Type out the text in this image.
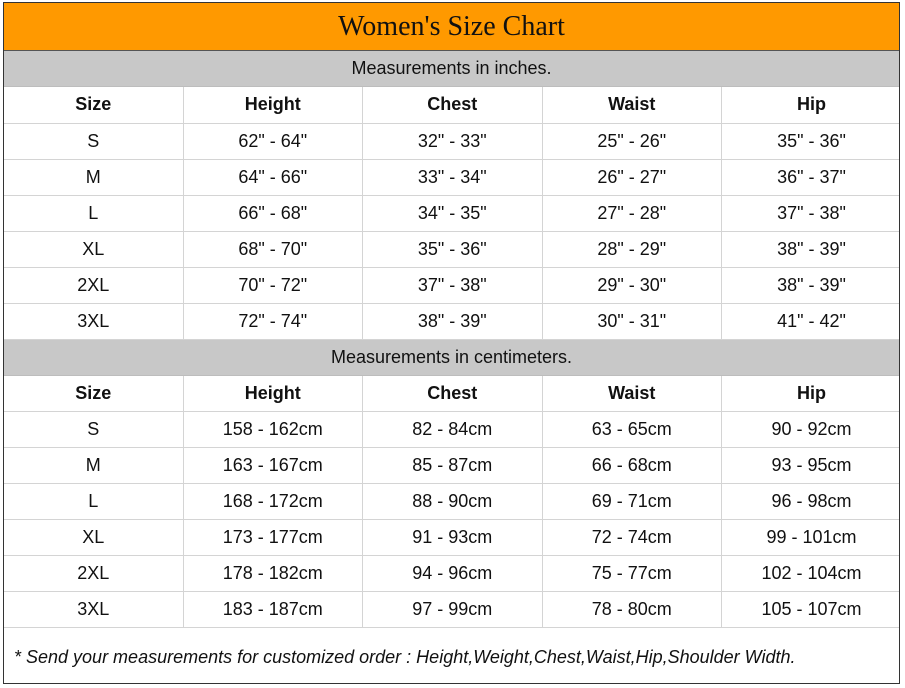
Women's Size Chart
Measurements in inches.
Size	Height	Chest	Waist	Hip
S	62" - 64"	32" - 33"	25" - 26"	35" - 36"
M	64" - 66"	33" - 34"	26" - 27"	36" - 37"
L	66" - 68"	34" - 35"	27" - 28"	37" - 38"
XL	68" - 70"	35" - 36"	28" - 29"	38" - 39"
2XL	70" - 72"	37" - 38"	29" - 30"	38" - 39"
3XL	72" - 74"	38" - 39"	30" - 31"	41" - 42"
Measurements in centimeters.
Size	Height	Chest	Waist	Hip
S	158 - 162cm	82 - 84cm	63 - 65cm	90 - 92cm
M	163 - 167cm	85 - 87cm	66 - 68cm	93 - 95cm
L	168 - 172cm	88 - 90cm	69 - 71cm	96 - 98cm
XL	173 - 177cm	91 - 93cm	72 - 74cm	99 - 101cm
2XL	178 - 182cm	94 - 96cm	75 - 77cm	102 - 104cm
3XL	183 - 187cm	97 - 99cm	78 - 80cm	105 - 107cm
* Send your measurements for customized order : Height,Weight,Chest,Waist,Hip,Shoulder Width.
